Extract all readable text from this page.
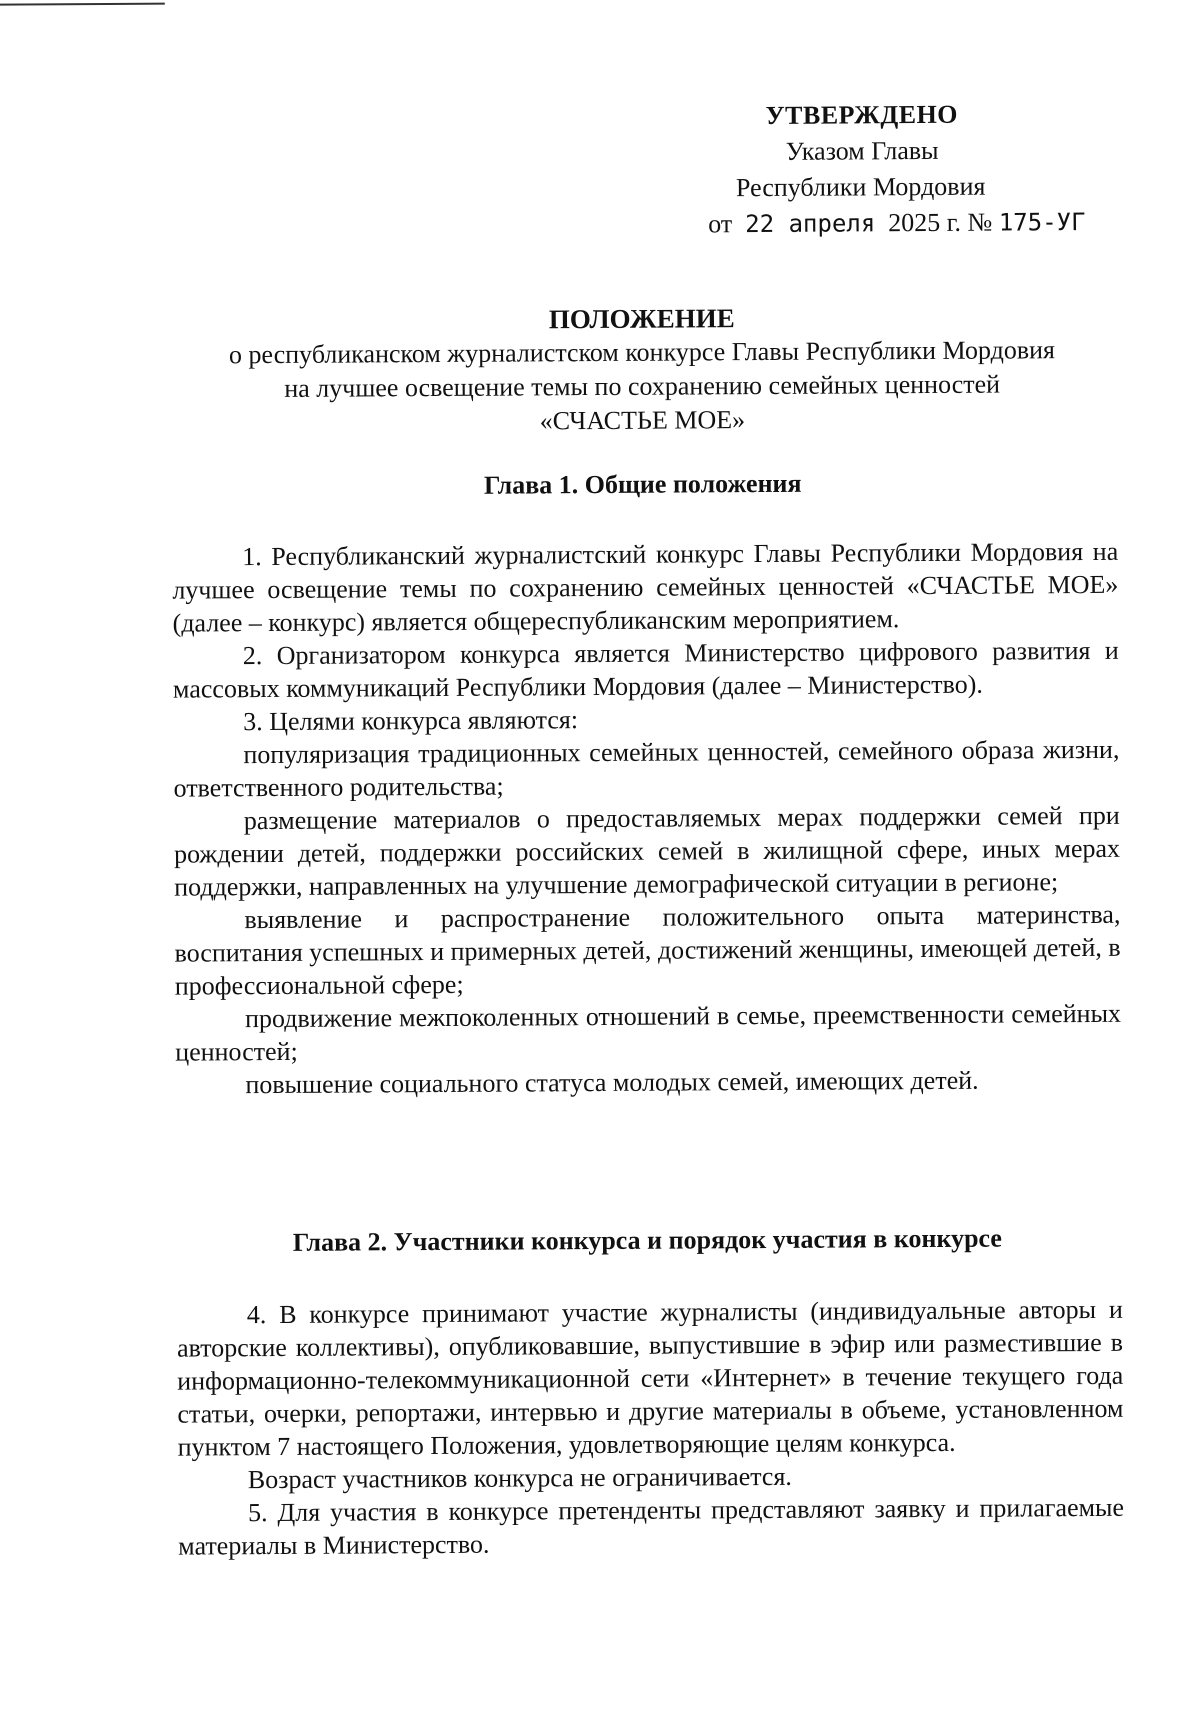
УТВЕРЖДЕНО
Указом Главы
Республики Мордовия
от 22 апреля 2025 г. № 175-УГ
ПОЛОЖЕНИЕ
о республиканском журналистском конкурсе Главы Республики Мордовия
на лучшее освещение темы по сохранению семейных ценностей
«СЧАСТЬЕ МОЕ»
Глава 1. Общие положения

1. Республиканский журналистский конкурс Главы Республики Мордовия на лучшее освещение темы по сохранению семейных ценностей «СЧАСТЬЕ МОЕ» (далее – конкурс) является общереспубликанским мероприятием.

2. Организатором конкурса является Министерство цифрового развития и массовых коммуникаций Республики Мордовия (далее – Министерство).

3. Целями конкурса являются:

популяризация традиционных семейных ценностей, семейного образа жизни, ответственного родительства;

размещение материалов о предоставляемых мерах поддержки семей при рождении детей, поддержки российских семей в жилищной сфере, иных мерах поддержки, направленных на улучшение демографической ситуации в регионе;

выявление и распространение положительного опыта материнства, воспитания успешных и примерных детей, достижений женщины, имеющей детей, в профессиональной сфере;

продвижение межпоколенных отношений в семье, преемственности семейных ценностей;

повышение социального статуса молодых семей, имеющих детей.

Глава 2. Участники конкурса и порядок участия в конкурсе

4. В конкурсе принимают участие журналисты (индивидуальные авторы и авторские коллективы), опубликовавшие, выпустившие в эфир или разместившие в информационно-телекоммуникационной сети «Интернет» в течение текущего года статьи, очерки, репортажи, интервью и другие материалы в объеме, установленном пунктом 7 настоящего Положения, удовлетворяющие целям конкурса.

Возраст участников конкурса не ограничивается.

5. Для участия в конкурсе претенденты представляют заявку и прилагаемые материалы в Министерство.
